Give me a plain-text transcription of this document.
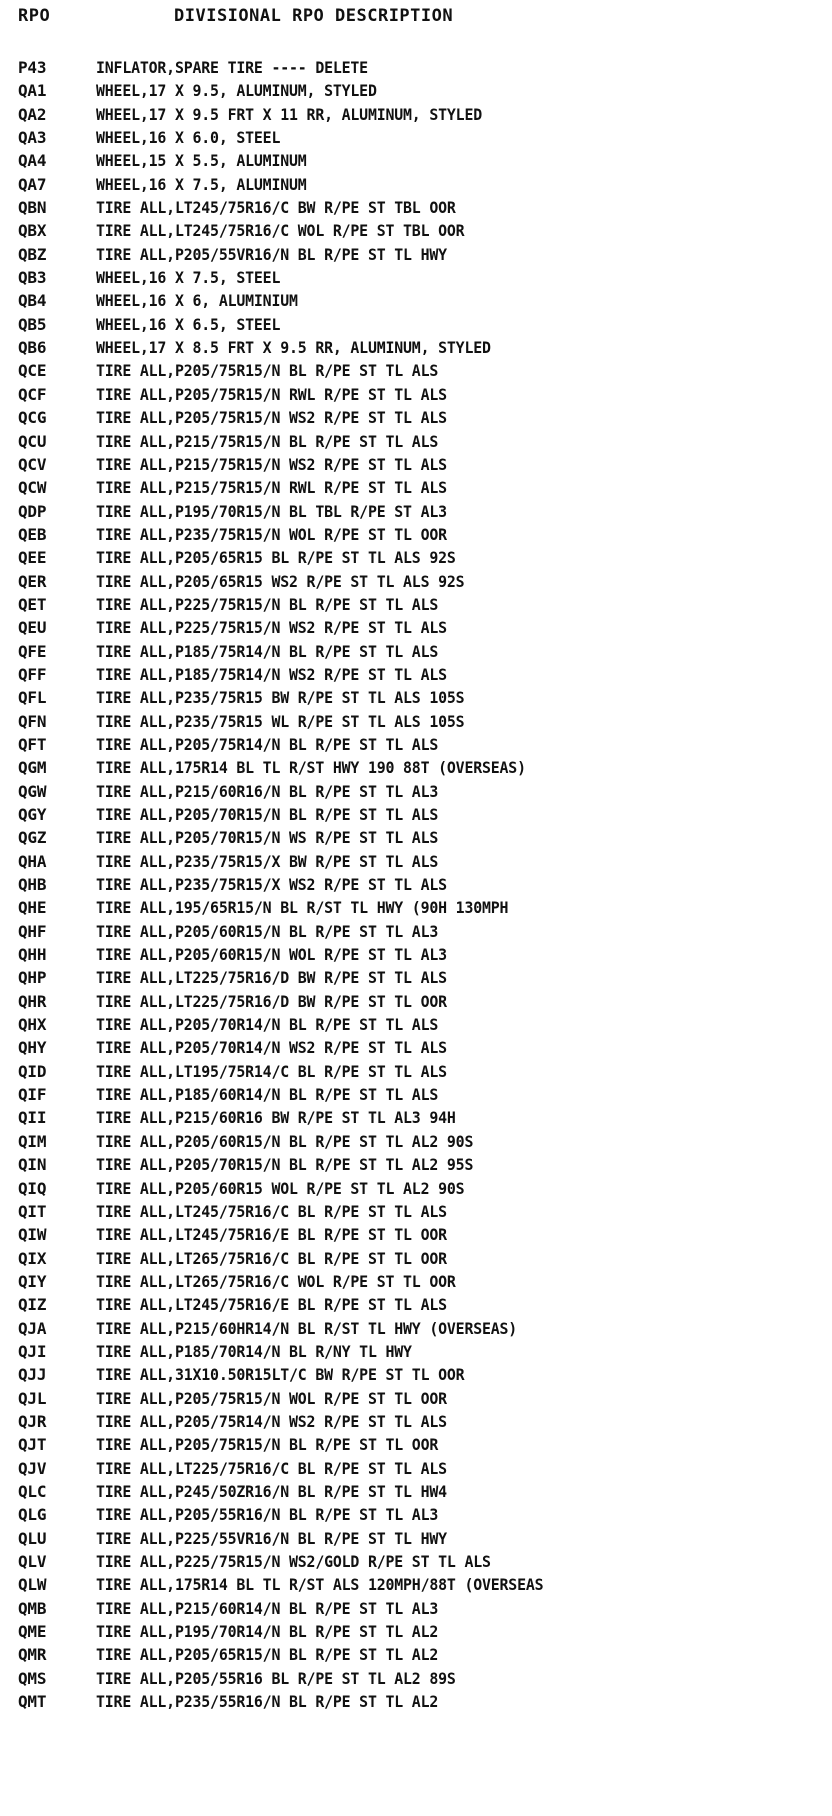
RPO	DIVISIONAL RPO DESCRIPTION
P43	INFLATOR,SPARE TIRE ---- DELETE
QA1	WHEEL,17 X 9.5, ALUMINUM, STYLED
QA2	WHEEL,17 X 9.5 FRT X 11 RR, ALUMINUM, STYLED
QA3	WHEEL,16 X 6.0, STEEL
QA4	WHEEL,15 X 5.5, ALUMINUM
QA7	WHEEL,16 X 7.5, ALUMINUM
QBN	TIRE ALL,LT245/75R16/C BW R/PE ST TBL OOR
QBX	TIRE ALL,LT245/75R16/C WOL R/PE ST TBL OOR
QBZ	TIRE ALL,P205/55VR16/N BL R/PE ST TL HWY
QB3	WHEEL,16 X 7.5, STEEL
QB4	WHEEL,16 X 6, ALUMINIUM
QB5	WHEEL,16 X 6.5, STEEL
QB6	WHEEL,17 X 8.5 FRT X 9.5 RR, ALUMINUM, STYLED
QCE	TIRE ALL,P205/75R15/N BL R/PE ST TL ALS
QCF	TIRE ALL,P205/75R15/N RWL R/PE ST TL ALS
QCG	TIRE ALL,P205/75R15/N WS2 R/PE ST TL ALS
QCU	TIRE ALL,P215/75R15/N BL R/PE ST TL ALS
QCV	TIRE ALL,P215/75R15/N WS2 R/PE ST TL ALS
QCW	TIRE ALL,P215/75R15/N RWL R/PE ST TL ALS
QDP	TIRE ALL,P195/70R15/N BL TBL R/PE ST AL3
QEB	TIRE ALL,P235/75R15/N WOL R/PE ST TL OOR
QEE	TIRE ALL,P205/65R15 BL R/PE ST TL ALS 92S
QER	TIRE ALL,P205/65R15 WS2 R/PE ST TL ALS 92S
QET	TIRE ALL,P225/75R15/N BL R/PE ST TL ALS
QEU	TIRE ALL,P225/75R15/N WS2 R/PE ST TL ALS
QFE	TIRE ALL,P185/75R14/N BL R/PE ST TL ALS
QFF	TIRE ALL,P185/75R14/N WS2 R/PE ST TL ALS
QFL	TIRE ALL,P235/75R15 BW R/PE ST TL ALS 105S
QFN	TIRE ALL,P235/75R15 WL R/PE ST TL ALS 105S
QFT	TIRE ALL,P205/75R14/N BL R/PE ST TL ALS
QGM	TIRE ALL,175R14 BL TL R/ST HWY 190 88T (OVERSEAS)
QGW	TIRE ALL,P215/60R16/N BL R/PE ST TL AL3
QGY	TIRE ALL,P205/70R15/N BL R/PE ST TL ALS
QGZ	TIRE ALL,P205/70R15/N WS R/PE ST TL ALS
QHA	TIRE ALL,P235/75R15/X BW R/PE ST TL ALS
QHB	TIRE ALL,P235/75R15/X WS2 R/PE ST TL ALS
QHE	TIRE ALL,195/65R15/N BL R/ST TL HWY (90H 130MPH
QHF	TIRE ALL,P205/60R15/N BL R/PE ST TL AL3
QHH	TIRE ALL,P205/60R15/N WOL R/PE ST TL AL3
QHP	TIRE ALL,LT225/75R16/D BW R/PE ST TL ALS
QHR	TIRE ALL,LT225/75R16/D BW R/PE ST TL OOR
QHX	TIRE ALL,P205/70R14/N BL R/PE ST TL ALS
QHY	TIRE ALL,P205/70R14/N WS2 R/PE ST TL ALS
QID	TIRE ALL,LT195/75R14/C BL R/PE ST TL ALS
QIF	TIRE ALL,P185/60R14/N BL R/PE ST TL ALS
QII	TIRE ALL,P215/60R16 BW R/PE ST TL AL3 94H
QIM	TIRE ALL,P205/60R15/N BL R/PE ST TL AL2 90S
QIN	TIRE ALL,P205/70R15/N BL R/PE ST TL AL2 95S
QIQ	TIRE ALL,P205/60R15 WOL R/PE ST TL AL2 90S
QIT	TIRE ALL,LT245/75R16/C BL R/PE ST TL ALS
QIW	TIRE ALL,LT245/75R16/E BL R/PE ST TL OOR
QIX	TIRE ALL,LT265/75R16/C BL R/PE ST TL OOR
QIY	TIRE ALL,LT265/75R16/C WOL R/PE ST TL OOR
QIZ	TIRE ALL,LT245/75R16/E BL R/PE ST TL ALS
QJA	TIRE ALL,P215/60HR14/N BL R/ST TL HWY (OVERSEAS)
QJI	TIRE ALL,P185/70R14/N BL R/NY TL HWY
QJJ	TIRE ALL,31X10.50R15LT/C BW R/PE ST TL OOR
QJL	TIRE ALL,P205/75R15/N WOL R/PE ST TL OOR
QJR	TIRE ALL,P205/75R14/N WS2 R/PE ST TL ALS
QJT	TIRE ALL,P205/75R15/N BL R/PE ST TL OOR
QJV	TIRE ALL,LT225/75R16/C BL R/PE ST TL ALS
QLC	TIRE ALL,P245/50ZR16/N BL R/PE ST TL HW4
QLG	TIRE ALL,P205/55R16/N BL R/PE ST TL AL3
QLU	TIRE ALL,P225/55VR16/N BL R/PE ST TL HWY
QLV	TIRE ALL,P225/75R15/N WS2/GOLD R/PE ST TL ALS
QLW	TIRE ALL,175R14 BL TL R/ST ALS 120MPH/88T (OVERSEAS
QMB	TIRE ALL,P215/60R14/N BL R/PE ST TL AL3
QME	TIRE ALL,P195/70R14/N BL R/PE ST TL AL2
QMR	TIRE ALL,P205/65R15/N BL R/PE ST TL AL2
QMS	TIRE ALL,P205/55R16 BL R/PE ST TL AL2 89S
QMT	TIRE ALL,P235/55R16/N BL R/PE ST TL AL2
